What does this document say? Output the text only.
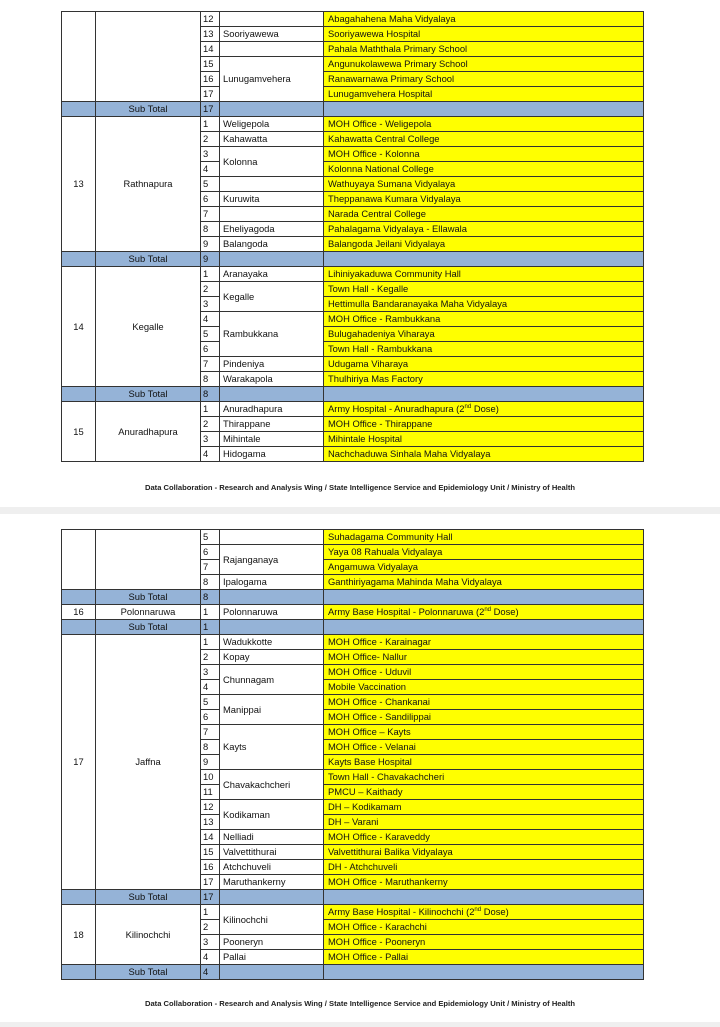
		12		Abagahahena Maha Vidyalaya
		13	Sooriyawewa	Sooriyawewa Hospital
		14		Pahala Maththala Primary School
		15	Lunugamvehera	Angunukolawewa Primary School
		16		Ranawarnawa Primary School
		17		Lunugamvehera Hospital
	Sub Total	17		
13	Rathnapura	1	Weligepola	MOH Office - Weligepola
		2	Kahawatta	Kahawatta Central College
		3	Kolonna	MOH Office - Kolonna
		4		Kolonna National College
		5		Wathuyaya Sumana Vidyalaya
		6	Kuruwita	Theppanawa Kumara Vidyalaya
		7		Narada Central College
		8	Eheliyagoda	Pahalagama Vidyalaya - Ellawala
		9	Balangoda	Balangoda Jeilani Vidyalaya
	Sub Total	9		
14	Kegalle	1	Aranayaka	Lihiniyakaduwa Community Hall
		2	Kegalle	Town Hall - Kegalle
		3		Hettimulla Bandaranayaka Maha Vidyalaya
		4	Rambukkana	MOH Office - Rambukkana
		5		Bulugahadeniya Viharaya
		6		Town Hall - Rambukkana
		7	Pindeniya	Udugama Viharaya
		8	Warakapola	Thulhiriya Mas Factory
	Sub Total	8		
15	Anuradhapura	1	Anuradhapura	Army Hospital - Anuradhapura (2nd Dose)
		2	Thirappane	MOH Office - Thirappane
		3	Mihintale	Mihintale Hospital
		4	Hidogama	Nachchaduwa Sinhala Maha Vidyalaya
Data Collaboration - Research and Analysis Wing / State Intelligence Service and Epidemiology Unit / Ministry of Health
		5		Suhadagama Community Hall
		6	Rajanganaya	Yaya 08 Rahuala Vidyalaya
		7		Angamuwa Vidyalaya
		8	Ipalogama	Ganthiriyagama Mahinda Maha Vidyalaya
	Sub Total	8		
16	Polonnaruwa	1	Polonnaruwa	Army Base Hospital - Polonnaruwa (2nd Dose)
	Sub Total	1		
17	Jaffna	1	Wadukkotte	MOH Office - Karainagar
		2	Kopay	MOH Office- Nallur
		3	Chunnagam	MOH Office - Uduvil
		4		Mobile Vaccination
		5	Manippai	MOH Office - Chankanai
		6		MOH Office - Sandilippai
		7	Kayts	MOH Office – Kayts
		8		MOH Office - Velanai
		9		Kayts Base Hospital
		10	Chavakachcheri	Town Hall - Chavakachcheri
		11		PMCU – Kaithady
		12	Kodikaman	DH – Kodikamam
		13		DH – Varani
		14	Nelliadi	MOH Office - Karaveddy
		15	Valvettithurai	Valvettithurai Balika Vidyalaya
		16	Atchchuveli	DH - Atchchuveli
		17	Maruthankerny	MOH Office - Maruthankerny
	Sub Total	17		
18	Kilinochchi	1	Kilinochchi	Army Base Hospital - Kilinochchi (2nd Dose)
		2		MOH Office - Karachchi
		3	Pooneryn	MOH Office - Pooneryn
		4	Pallai	MOH Office - Pallai
	Sub Total	4		
Data Collaboration - Research and Analysis Wing / State Intelligence Service and Epidemiology Unit / Ministry of Health
